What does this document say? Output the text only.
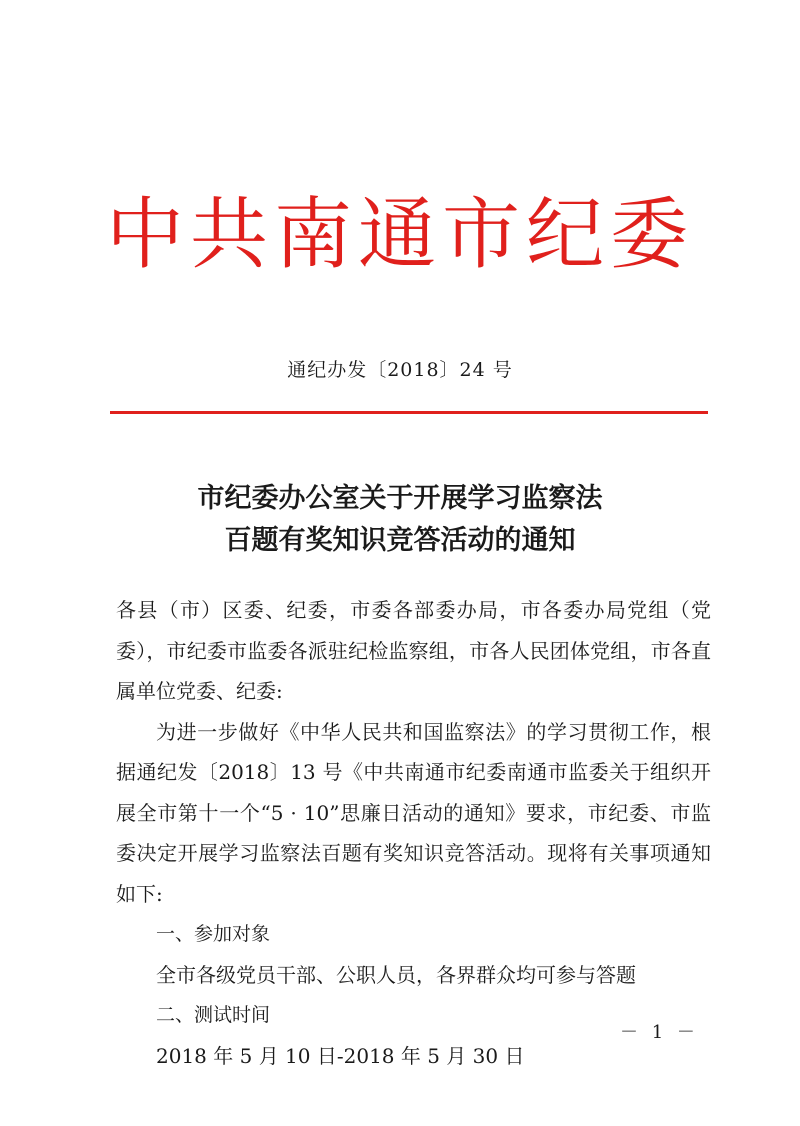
中共南通市纪委
通纪办发〔2018〕24 号
市纪委办公室关于开展学习监察法
百题有奖知识竞答活动的通知

各县（市）区委、纪委，市委各部委办局，市各委办局党组（党委），市纪委市监委各派驻纪检监察组，市各人民团体党组，市各直属单位党委、纪委:

为进一步做好《中华人民共和国监察法》的学习贯彻工作，根据通纪发〔2018〕13 号《中共南通市纪委南通市监委关于组织开展全市第十一个“5 · 10”思廉日活动的通知》要求，市纪委、市监委决定开展学习监察法百题有奖知识竞答活动。现将有关事项通知如下:

一、参加对象

全市各级党员干部、公职人员，各界群众均可参与答题

二、测试时间

2018 年 5 月 10 日-2018 年 5 月 30 日

－ 1 －
